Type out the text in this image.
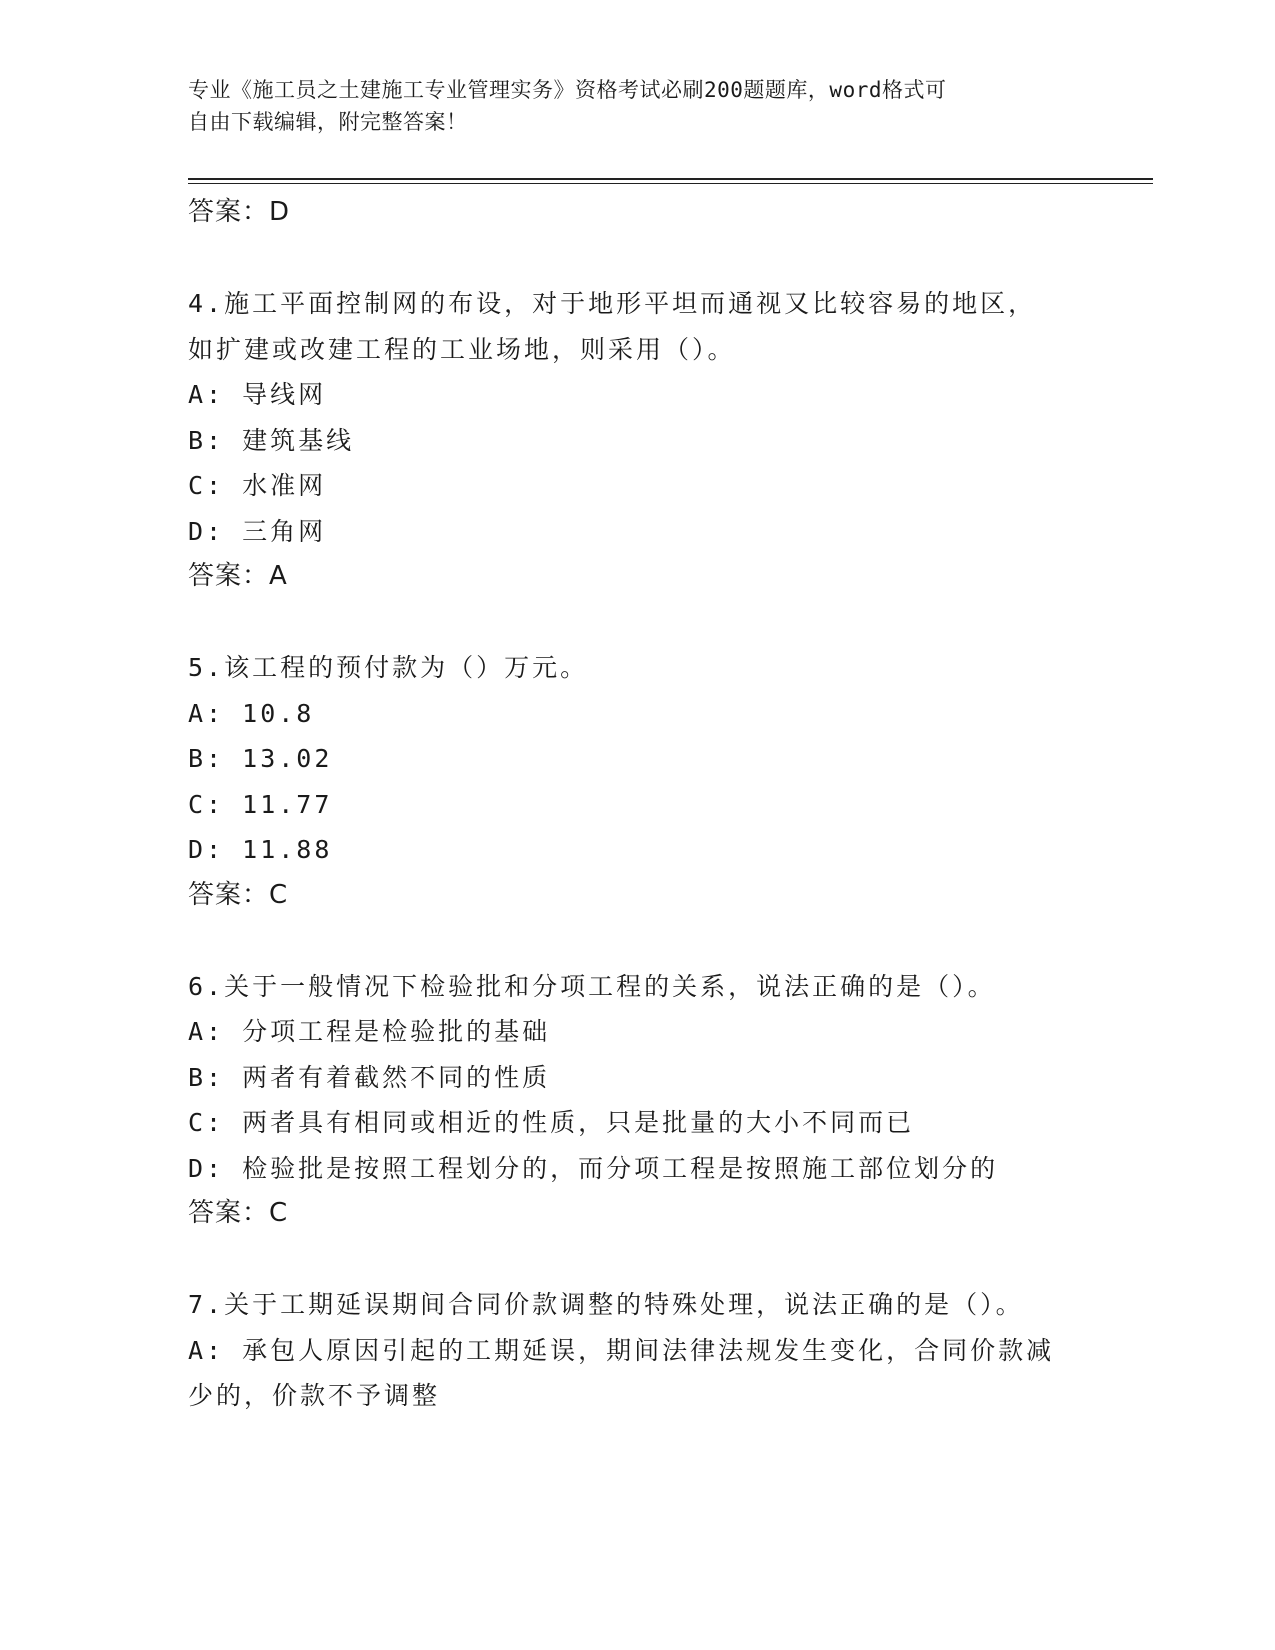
专业《施工员之土建施工专业管理实务》资格考试必刷200题题库，word格式可
自由下载编辑，附完整答案！
答案：D
4.施工平面控制网的布设，对于地形平坦而通视又比较容易的地区，
如扩建或改建工程的工业场地，则采用（）。
A: 导线网
B: 建筑基线
C: 水准网
D: 三角网
答案：A
5.该工程的预付款为（）万元。
A: 10.8
B: 13.02
C: 11.77
D: 11.88
答案：C
6.关于一般情况下检验批和分项工程的关系，说法正确的是（）。
A: 分项工程是检验批的基础
B: 两者有着截然不同的性质
C: 两者具有相同或相近的性质，只是批量的大小不同而已
D: 检验批是按照工程划分的，而分项工程是按照施工部位划分的
答案：C
7.关于工期延误期间合同价款调整的特殊处理，说法正确的是（）。
A: 承包人原因引起的工期延误，期间法律法规发生变化，合同价款减
少的，价款不予调整
